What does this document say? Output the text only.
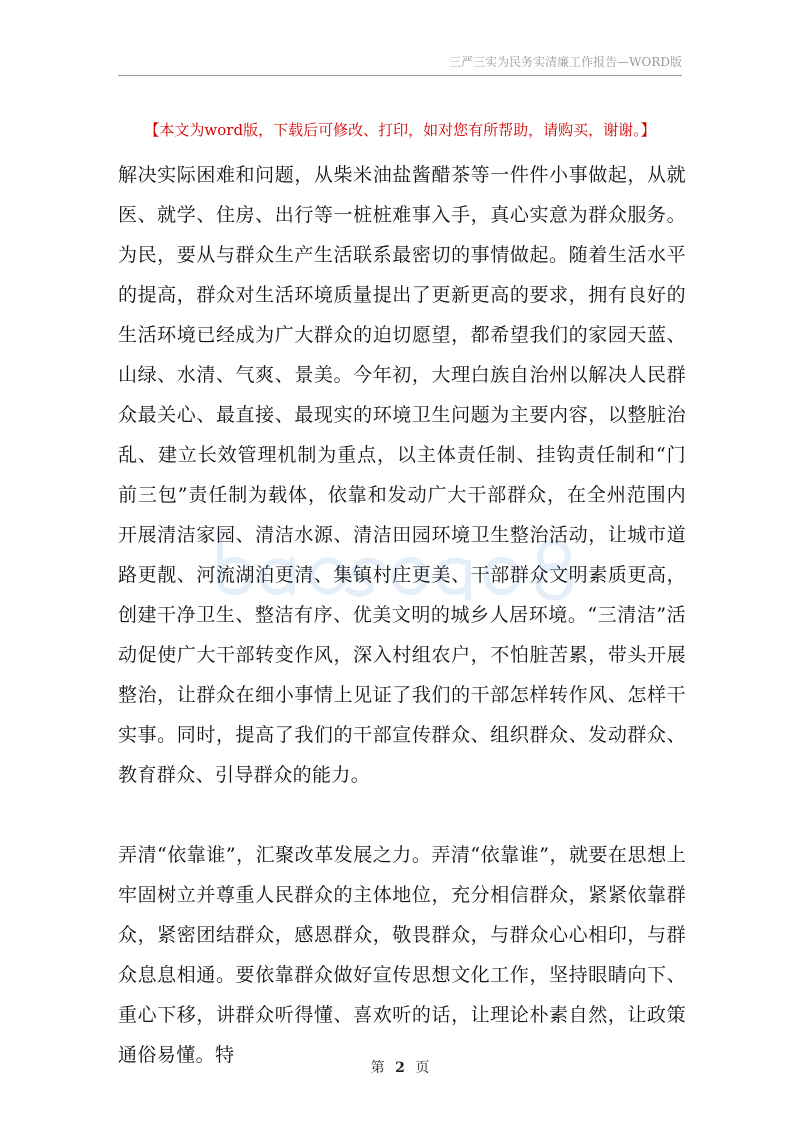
三严三实为民务实清廉工作报告—WORD版
【本文为word版，下载后可修改、打印，如对您有所帮助，请购买，谢谢。】

解决实际困难和问题，从柴米油盐酱醋茶等一件件小事做起，从就医、就学、住房、出行等一桩桩难事入手，真心实意为群众服务。为民，要从与群众生产生活联系最密切的事情做起。随着生活水平的提高，群众对生活环境质量提出了更新更高的要求，拥有良好的生活环境已经成为广大群众的迫切愿望，都希望我们的家园天蓝、山绿、水清、气爽、景美。今年初，大理白族自治州以解决人民群众最关心、最直接、最现实的环境卫生问题为主要内容，以整脏治乱、建立长效管理机制为重点，以主体责任制、挂钩责任制和“门前三包”责任制为载体，依靠和发动广大干部群众，在全州范围内开展清洁家园、清洁水源、清洁田园环境卫生整治活动，让城市道路更靓、河流湖泊更清、集镇村庄更美、干部群众文明素质更高，创建干净卫生、整洁有序、优美文明的城乡人居环境。“三清洁”活动促使广大干部转变作风，深入村组农户，不怕脏苦累，带头开展整治，让群众在细小事情上见证了我们的干部怎样转作风、怎样干实事。同时，提高了我们的干部宣传群众、组织群众、发动群众、教育群众、引导群众的能力。

弄清“依靠谁”，汇聚改革发展之力。弄清“依靠谁”，就要在思想上牢固树立并尊重人民群众的主体地位，充分相信群众，紧紧依靠群众，紧密团结群众，感恩群众，敬畏群众，与群众心心相印，与群众息息相通。要依靠群众做好宣传思想文化工作，坚持眼睛向下、重心下移，讲群众听得懂、喜欢听的话，让理论朴素自然，让政策通俗易懂。特

第 2 页
